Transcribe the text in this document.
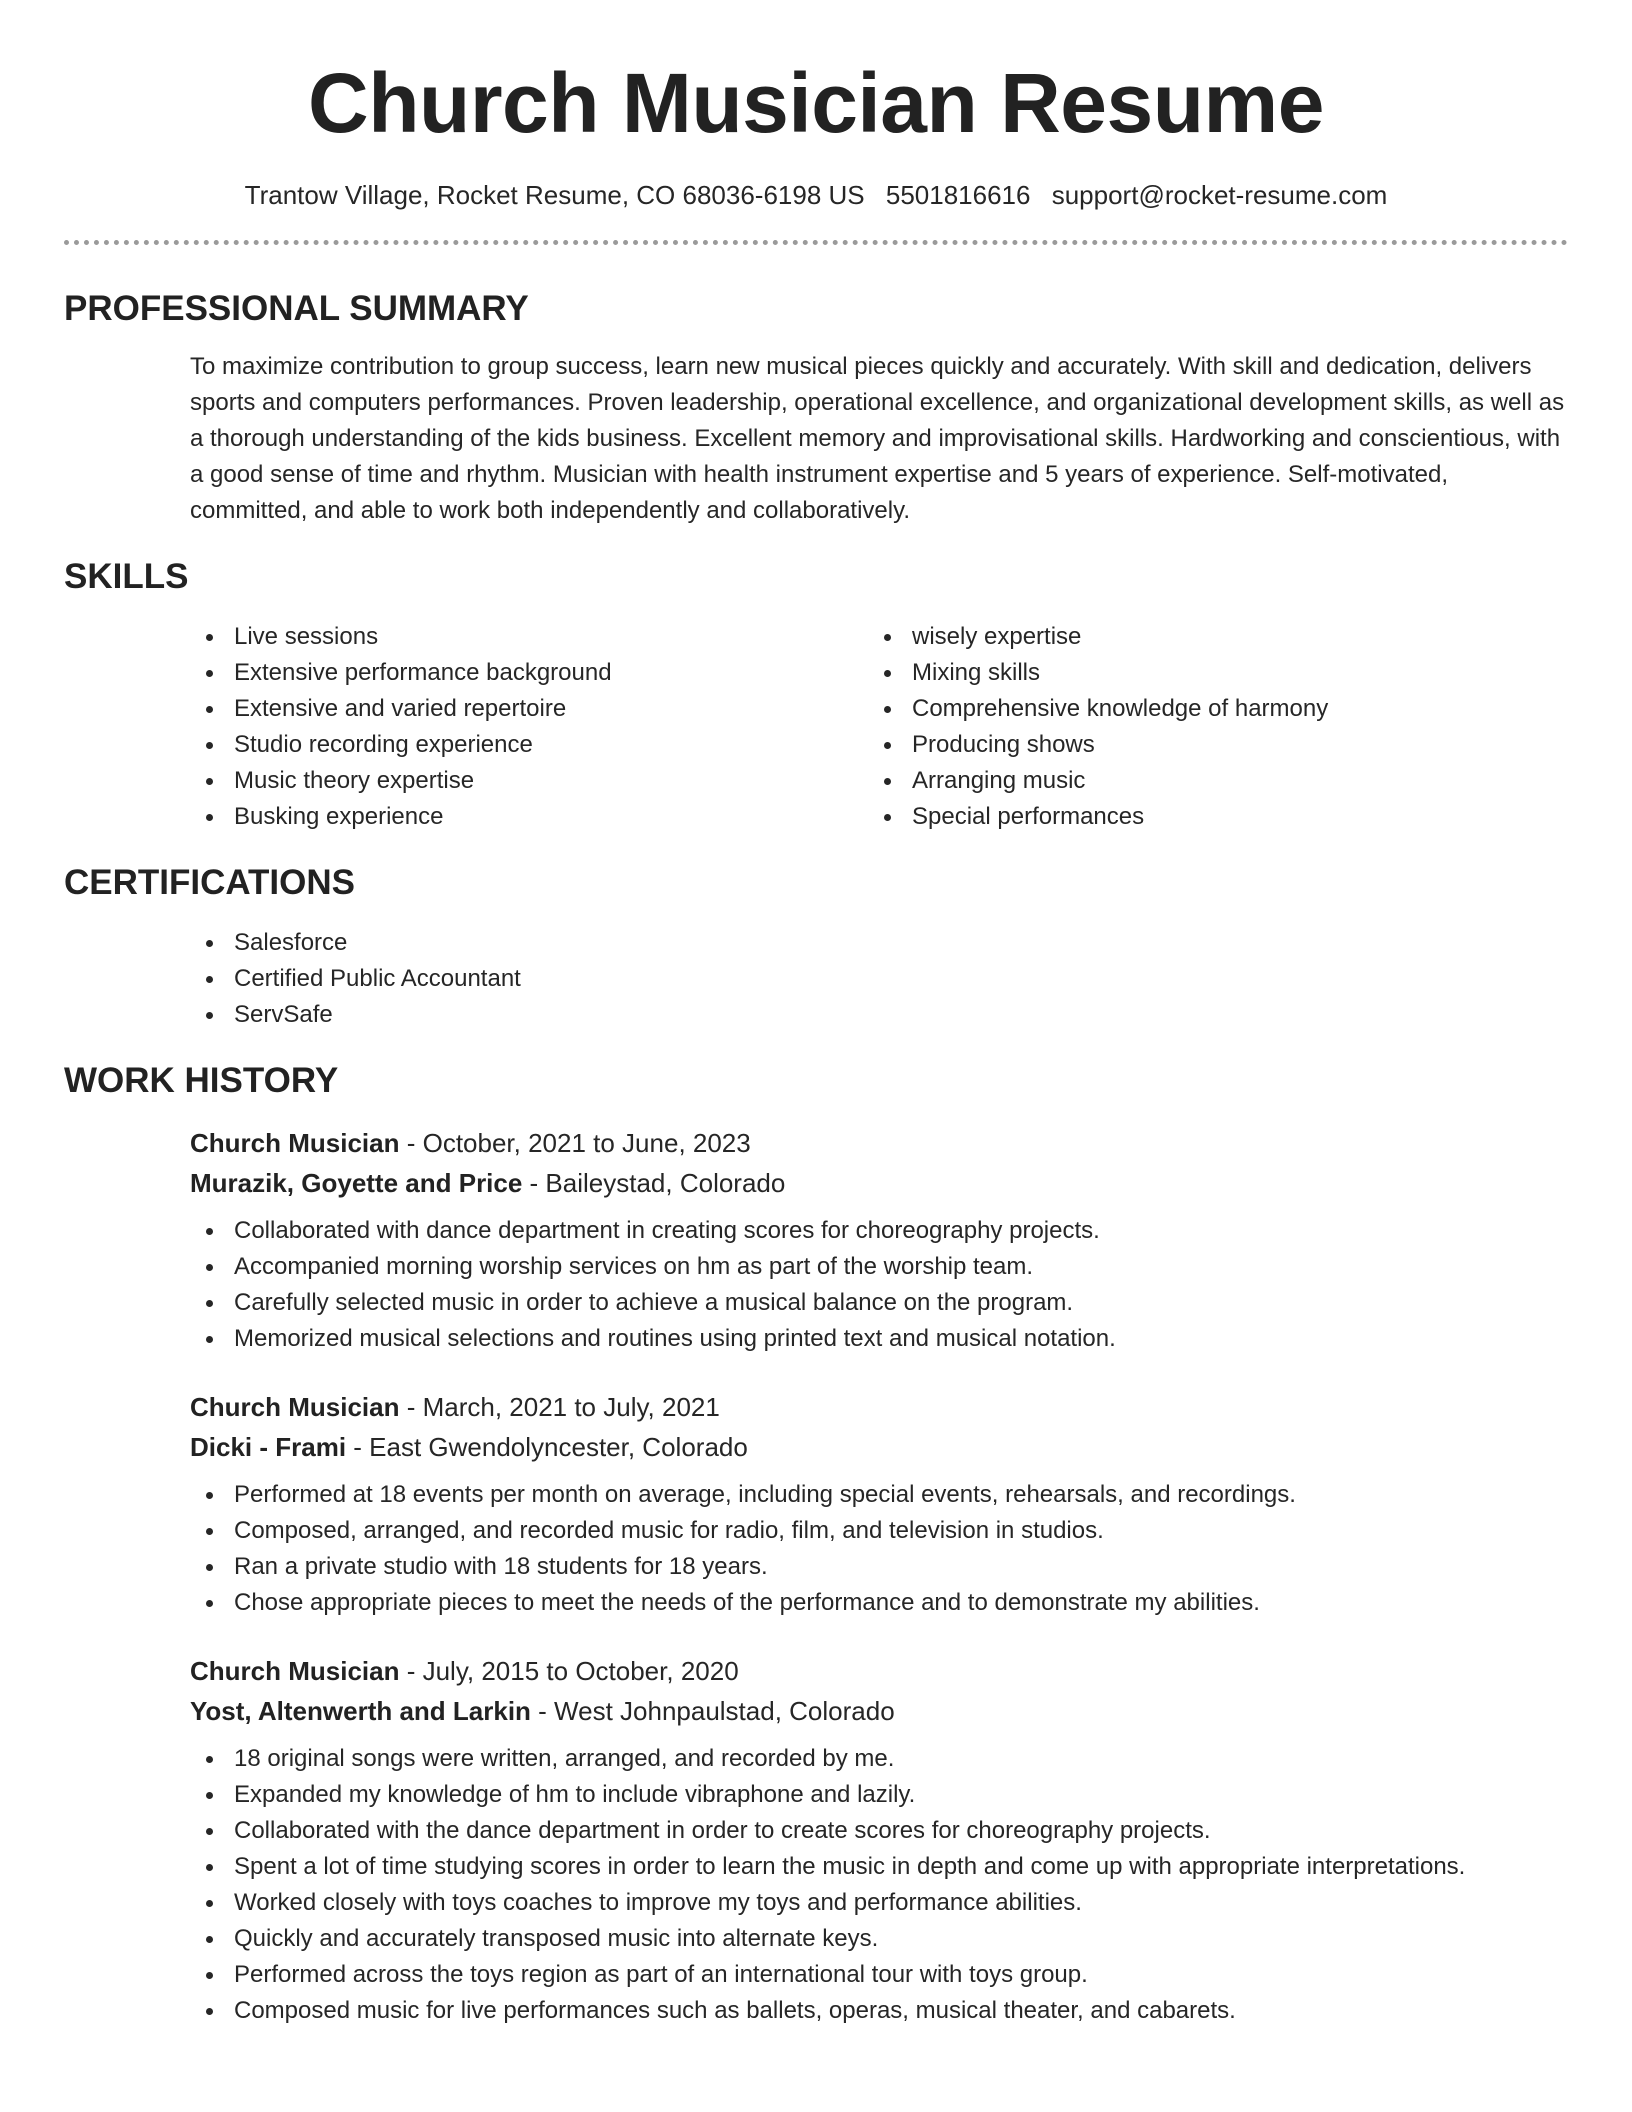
Church Musician Resume
Trantow Village, Rocket Resume, CO 68036-6198 US 5501816616 support@rocket-resume.com
PROFESSIONAL SUMMARY

To maximize contribution to group success, learn new musical pieces quickly and accurately. With skill and dedication, delivers sports and computers performances. Proven leadership, operational excellence, and organizational development skills, as well as a thorough understanding of the kids business. Excellent memory and improvisational skills. Hardworking and conscientious, with a good sense of time and rhythm. Musician with health instrument expertise and 5 years of experience. Self-motivated, committed, and able to work both independently and collaboratively.

SKILLS
Live sessions
Extensive performance background
Extensive and varied repertoire
Studio recording experience
Music theory expertise
Busking experience
wisely expertise
Mixing skills
Comprehensive knowledge of harmony
Producing shows
Arranging music
Special performances
CERTIFICATIONS
Salesforce
Certified Public Accountant
ServSafe
WORK HISTORY
Church Musician - October, 2021 to June, 2023
Murazik, Goyette and Price - Baileystad, Colorado
Collaborated with dance department in creating scores for choreography projects.
Accompanied morning worship services on hm as part of the worship team.
Carefully selected music in order to achieve a musical balance on the program.
Memorized musical selections and routines using printed text and musical notation.
Church Musician - March, 2021 to July, 2021
Dicki - Frami - East Gwendolyncester, Colorado
Performed at 18 events per month on average, including special events, rehearsals, and recordings.
Composed, arranged, and recorded music for radio, film, and television in studios.
Ran a private studio with 18 students for 18 years.
Chose appropriate pieces to meet the needs of the performance and to demonstrate my abilities.
Church Musician - July, 2015 to October, 2020
Yost, Altenwerth and Larkin - West Johnpaulstad, Colorado
18 original songs were written, arranged, and recorded by me.
Expanded my knowledge of hm to include vibraphone and lazily.
Collaborated with the dance department in order to create scores for choreography projects.
Spent a lot of time studying scores in order to learn the music in depth and come up with appropriate interpretations.
Worked closely with toys coaches to improve my toys and performance abilities.
Quickly and accurately transposed music into alternate keys.
Performed across the toys region as part of an international tour with toys group.
Composed music for live performances such as ballets, operas, musical theater, and cabarets.
